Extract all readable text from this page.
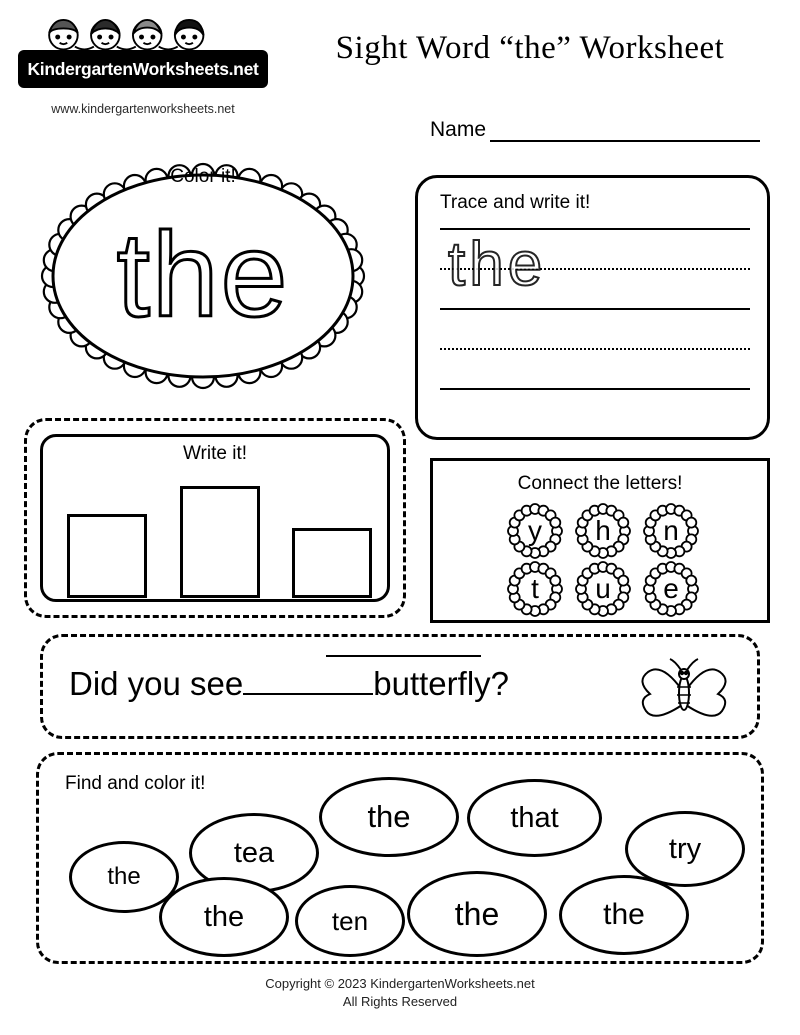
KindergartenWorksheets.net
www.kindergartenworksheets.net
Sight Word “the” Worksheet
Name
Color it!
the
Trace and write it!
the
Write it!
Connect the letters!
y h n
t u e
Did you see	butterfly?
Find and color it!
the
tea
the	that
try
the	ten	the	the
Copyright © 2023 KindergartenWorksheets.net
All Rights Reserved
